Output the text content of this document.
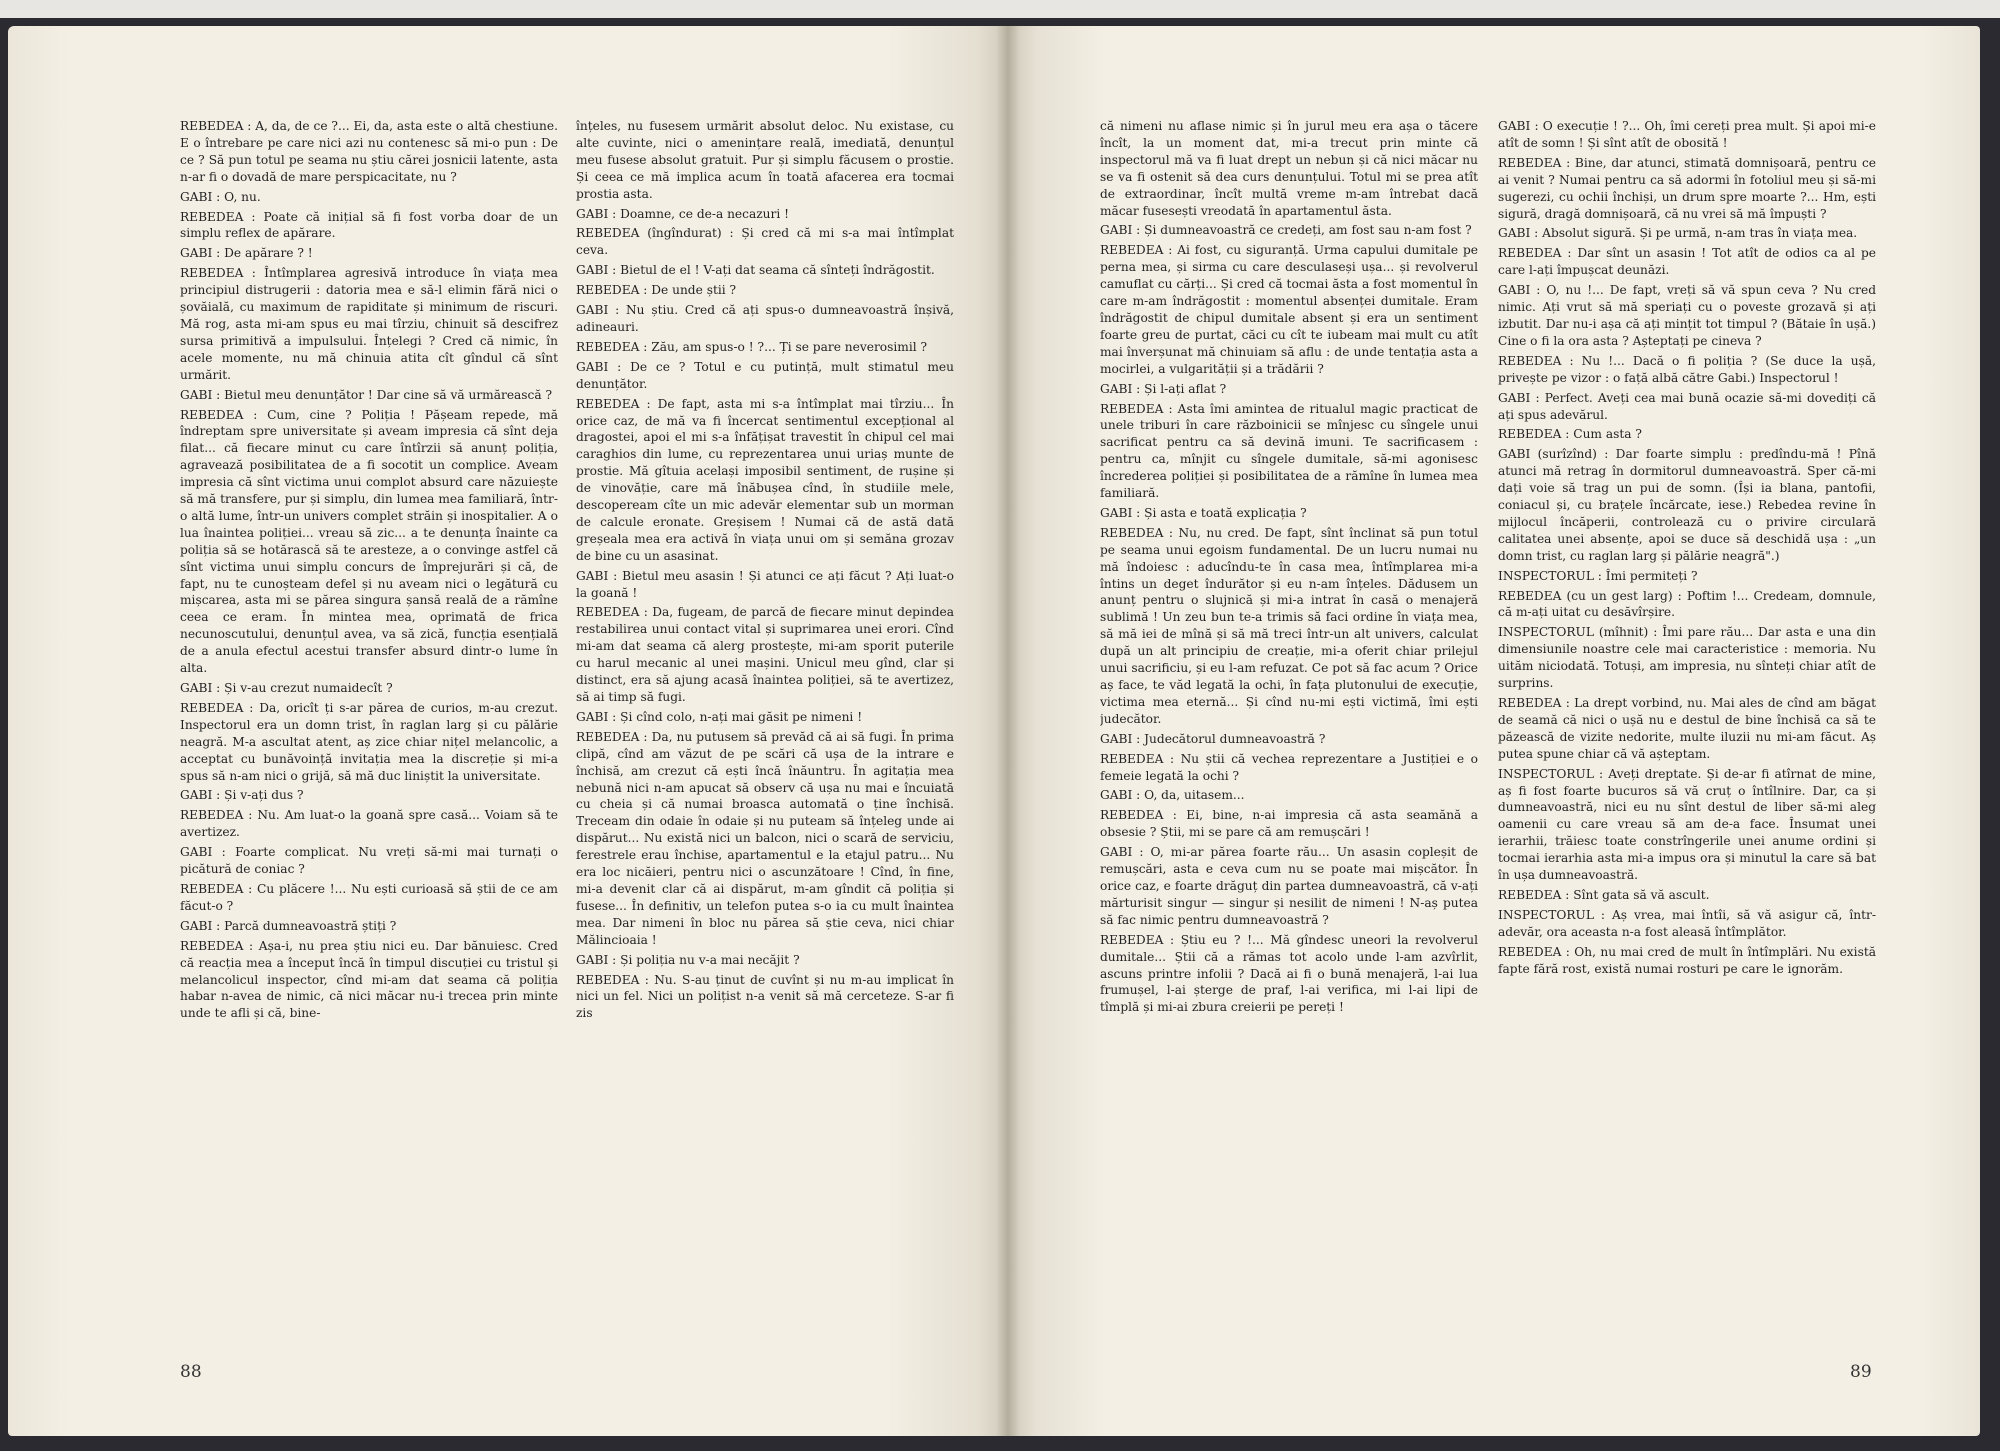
REBEDEA : A, da, de ce ?... Ei, da, asta este o altă chestiune. E o întrebare pe care nici azi nu contenesc să mi-o pun : De ce ? Să pun totul pe seama nu știu cărei josnicii latente, asta n-ar fi o dovadă de mare perspicacitate, nu ?

GABI : O, nu.

REBEDEA : Poate că inițial să fi fost vorba doar de un simplu reflex de apărare.

GABI : De apărare ? !

REBEDEA : Întîmplarea agresivă introduce în viața mea principiul distrugerii : datoria mea e să-l elimin fără nici o șovăială, cu maximum de rapiditate și minimum de riscuri. Mă rog, asta mi-am spus eu mai tîrziu, chinuit să descifrez sursa primitivă a impulsului. Înțelegi ? Cred că nimic, în acele momente, nu mă chinuia atita cît gîndul că sînt urmărit.

GABI : Bietul meu denunțător ! Dar cine să vă urmărească ?

REBEDEA : Cum, cine ? Poliția ! Pășeam repede, mă îndreptam spre universitate și aveam impresia că sînt deja filat... că fiecare minut cu care întîrzii să anunț poliția, agravează posibilitatea de a fi socotit un complice. Aveam impresia că sînt victima unui complot absurd care năzuiește să mă transfere, pur și simplu, din lumea mea familiară, într-o altă lume, într-un univers complet străin și inospitalier. A o lua înaintea poliției... vreau să zic... a te denunța înainte ca poliția să se hotărască să te aresteze, a o convinge astfel că sînt victima unui simplu concurs de împrejurări și că, de fapt, nu te cunoșteam defel și nu aveam nici o legătură cu mișcarea, asta mi se părea singura șansă reală de a rămîne ceea ce eram. În mintea mea, oprimată de frica necunoscutului, denunțul avea, va să zică, funcția esențială de a anula efectul acestui transfer absurd dintr-o lume în alta.

GABI : Și v-au crezut numaidecît ?

REBEDEA : Da, oricît ți s-ar părea de curios, m-au crezut. Inspectorul era un domn trist, în raglan larg și cu pălărie neagră. M-a ascultat atent, aș zice chiar nițel melancolic, a acceptat cu bunăvoință invitația mea la discreție și mi-a spus să n-am nici o grijă, să mă duc liniștit la universitate.

GABI : Și v-ați dus ?

REBEDEA : Nu. Am luat-o la goană spre casă... Voiam să te avertizez.

GABI : Foarte complicat. Nu vreți să-mi mai turnați o picătură de coniac ?

REBEDEA : Cu plăcere !... Nu ești curioasă să știi de ce am făcut-o ?

GABI : Parcă dumneavoastră știți ?

REBEDEA : Așa-i, nu prea știu nici eu. Dar bănuiesc. Cred că reacția mea a început încă în timpul discuției cu tristul și melancolicul inspector, cînd mi-am dat seama că poliția habar n-avea de nimic, că nici măcar nu-i trecea prin minte unde te afli și că, bine-

înțeles, nu fusesem urmărit absolut deloc. Nu existase, cu alte cuvinte, nici o amenințare reală, imediată, denunțul meu fusese absolut gratuit. Pur și simplu făcusem o prostie. Și ceea ce mă implica acum în toată afacerea era tocmai prostia asta.

GABI : Doamne, ce de-a necazuri !

REBEDEA (îngîndurat) : Și cred că mi s-a mai întîmplat ceva.

GABI : Bietul de el ! V-ați dat seama că sînteți îndrăgostit.

REBEDEA : De unde știi ?

GABI : Nu știu. Cred că ați spus-o dumneavoastră înșivă, adineauri.

REBEDEA : Zău, am spus-o ! ?... Ți se pare neverosimil ?

GABI : De ce ? Totul e cu putință, mult stimatul meu denunțător.

REBEDEA : De fapt, asta mi s-a întîmplat mai tîrziu... În orice caz, de mă va fi încercat sentimentul excepțional al dragostei, apoi el mi s-a înfățișat travestit în chipul cel mai caraghios din lume, cu reprezentarea unui uriaș munte de prostie. Mă gîtuia același imposibil sentiment, de rușine și de vinovăție, care mă înăbușea cînd, în studiile mele, descopeream cîte un mic adevăr elementar sub un morman de calcule eronate. Greșisem ! Numai că de astă dată greșeala mea era activă în viața unui om și semăna grozav de bine cu un asasinat.

GABI : Bietul meu asasin ! Și atunci ce ați făcut ? Ați luat-o la goană !

REBEDEA : Da, fugeam, de parcă de fiecare minut depindea restabilirea unui contact vital și suprimarea unei erori. Cînd mi-am dat seama că alerg prostește, mi-am sporit puterile cu harul mecanic al unei mașini. Unicul meu gînd, clar și distinct, era să ajung acasă înaintea poliției, să te avertizez, să ai timp să fugi.

GABI : Și cînd colo, n-ați mai găsit pe nimeni !

REBEDEA : Da, nu putusem să prevăd că ai să fugi. În prima clipă, cînd am văzut de pe scări că ușa de la intrare e închisă, am crezut că ești încă înăuntru. În agitația mea nebună nici n-am apucat să observ că ușa nu mai e încuiată cu cheia și că numai broasca automată o ține închisă. Treceam din odaie în odaie și nu puteam să înțeleg unde ai dispărut... Nu există nici un balcon, nici o scară de serviciu, ferestrele erau închise, apartamentul e la etajul patru... Nu era loc nicăieri, pentru nici o ascunzătoare ! Cînd, în fine, mi-a devenit clar că ai dispărut, m-am gîndit că poliția și fusese... În definitiv, un telefon putea s-o ia cu mult înaintea mea. Dar nimeni în bloc nu părea să știe ceva, nici chiar Mălincioaia !

GABI : Și poliția nu v-a mai necăjit ?

REBEDEA : Nu. S-au ținut de cuvînt și nu m-au implicat în nici un fel. Nici un polițist n-a venit să mă cerceteze. S-ar fi zis

88

că nimeni nu aflase nimic și în jurul meu era așa o tăcere încît, la un moment dat, mi-a trecut prin minte că inspectorul mă va fi luat drept un nebun și că nici măcar nu se va fi ostenit să dea curs denunțului. Totul mi se prea atît de extraordinar, încît multă vreme m-am întrebat dacă măcar fusesești vreodată în apartamentul ăsta.

GABI : Și dumneavoastră ce credeți, am fost sau n-am fost ?

REBEDEA : Ai fost, cu siguranță. Urma capului dumitale pe perna mea, și sirma cu care desculaseși ușa... și revolverul camuflat cu cărți... Și cred că tocmai ăsta a fost momentul în care m-am îndrăgostit : momentul absenței dumitale. Eram îndrăgostit de chipul dumitale absent și era un sentiment foarte greu de purtat, căci cu cît te iubeam mai mult cu atît mai înverșunat mă chinuiam să aflu : de unde tentația asta a mocirlei, a vulgarității și a trădării ?

GABI : Și l-ați aflat ?

REBEDEA : Asta îmi amintea de ritualul magic practicat de unele triburi în care războinicii se mînjesc cu sîngele unui sacrificat pentru ca să devină imuni. Te sacrificasem : pentru ca, mînjit cu sîngele dumitale, să-mi agonisesc încrederea poliției și posibilitatea de a rămîne în lumea mea familiară.

GABI : Și asta e toată explicația ?

REBEDEA : Nu, nu cred. De fapt, sînt înclinat să pun totul pe seama unui egoism fundamental. De un lucru numai nu mă îndoiesc : aducîndu-te în casa mea, întîmplarea mi-a întins un deget îndurător și eu n-am înțeles. Dădusem un anunț pentru o slujnică și mi-a intrat în casă o menajeră sublimă ! Un zeu bun te-a trimis să faci ordine în viața mea, să mă iei de mînă și să mă treci într-un alt univers, calculat după un alt principiu de creație, mi-a oferit chiar prilejul unui sacrificiu, și eu l-am refuzat. Ce pot să fac acum ? Orice aș face, te văd legată la ochi, în fața plutonului de execuție, victima mea eternă... Și cînd nu-mi ești victimă, îmi ești judecător.

GABI : Judecătorul dumneavoastră ?

REBEDEA : Nu știi că vechea reprezentare a Justiției e o femeie legată la ochi ?

GABI : O, da, uitasem...

REBEDEA : Ei, bine, n-ai impresia că asta seamănă a obsesie ? Știi, mi se pare că am remușcări !

GABI : O, mi-ar părea foarte rău... Un asasin copleșit de remușcări, asta e ceva cum nu se poate mai mișcător. În orice caz, e foarte drăguț din partea dumneavoastră, că v-ați mărturisit singur — singur și nesilit de nimeni ! N-aș putea să fac nimic pentru dumneavoastră ?

REBEDEA : Știu eu ? !... Mă gîndesc uneori la revolverul dumitale... Știi că a rămas tot acolo unde l-am azvîrlit, ascuns printre infolii ? Dacă ai fi o bună menajeră, l-ai lua frumușel, l-ai șterge de praf, l-ai verifica, mi l-ai lipi de tîmplă și mi-ai zbura creierii pe pereți !

GABI : O execuție ! ?... Oh, îmi cereți prea mult. Și apoi mi-e atît de somn ! Și sînt atît de obosită !

REBEDEA : Bine, dar atunci, stimată domnișoară, pentru ce ai venit ? Numai pentru ca să adormi în fotoliul meu și să-mi sugerezi, cu ochii închiși, un drum spre moarte ?... Hm, ești sigură, dragă domnișoară, că nu vrei să mă împuști ?

GABI : Absolut sigură. Și pe urmă, n-am tras în viața mea.

REBEDEA : Dar sînt un asasin ! Tot atît de odios ca al pe care l-ați împușcat deunăzi.

GABI : O, nu !... De fapt, vreți să vă spun ceva ? Nu cred nimic. Ați vrut să mă speriați cu o poveste grozavă și ați izbutit. Dar nu-i așa că ați mințit tot timpul ? (Bătaie în ușă.) Cine o fi la ora asta ? Așteptați pe cineva ?

REBEDEA : Nu !... Dacă o fi poliția ? (Se duce la ușă, privește pe vizor : o față albă către Gabi.) Inspectorul !

GABI : Perfect. Aveți cea mai bună ocazie să-mi dovediți că ați spus adevărul.

REBEDEA : Cum asta ?

GABI (surîzînd) : Dar foarte simplu : predîndu-mă ! Pînă atunci mă retrag în dormitorul dumneavoastră. Sper că-mi dați voie să trag un pui de somn. (Își ia blana, pantofii, coniacul și, cu brațele încărcate, iese.) Rebedea revine în mijlocul încăperii, controlează cu o privire circulară calitatea unei absențe, apoi se duce să deschidă ușa : „un domn trist, cu raglan larg și pălărie neagră".)

INSPECTORUL : Îmi permiteți ?

REBEDEA (cu un gest larg) : Poftim !... Credeam, domnule, că m-ați uitat cu desăvîrșire.

INSPECTORUL (mîhnit) : Îmi pare rău... Dar asta e una din dimensiunile noastre cele mai caracteristice : memoria. Nu uităm niciodată. Totuși, am impresia, nu sînteți chiar atît de surprins.

REBEDEA : La drept vorbind, nu. Mai ales de cînd am băgat de seamă că nici o ușă nu e destul de bine închisă ca să te păzească de vizite nedorite, multe iluzii nu mi-am făcut. Aș putea spune chiar că vă așteptam.

INSPECTORUL : Aveți dreptate. Și de-ar fi atîrnat de mine, aș fi fost foarte bucuros să vă cruț o întîlnire. Dar, ca și dumneavoastră, nici eu nu sînt destul de liber să-mi aleg oamenii cu care vreau să am de-a face. Însumat unei ierarhii, trăiesc toate constrîngerile unei anume ordini și tocmai ierarhia asta mi-a impus ora și minutul la care să bat în ușa dumneavoastră.

REBEDEA : Sînt gata să vă ascult.

INSPECTORUL : Aș vrea, mai întîi, să vă asigur că, într-adevăr, ora aceasta n-a fost aleasă întîmplător.

REBEDEA : Oh, nu mai cred de mult în întîmplări. Nu există fapte fără rost, există numai rosturi pe care le ignorăm.

89
